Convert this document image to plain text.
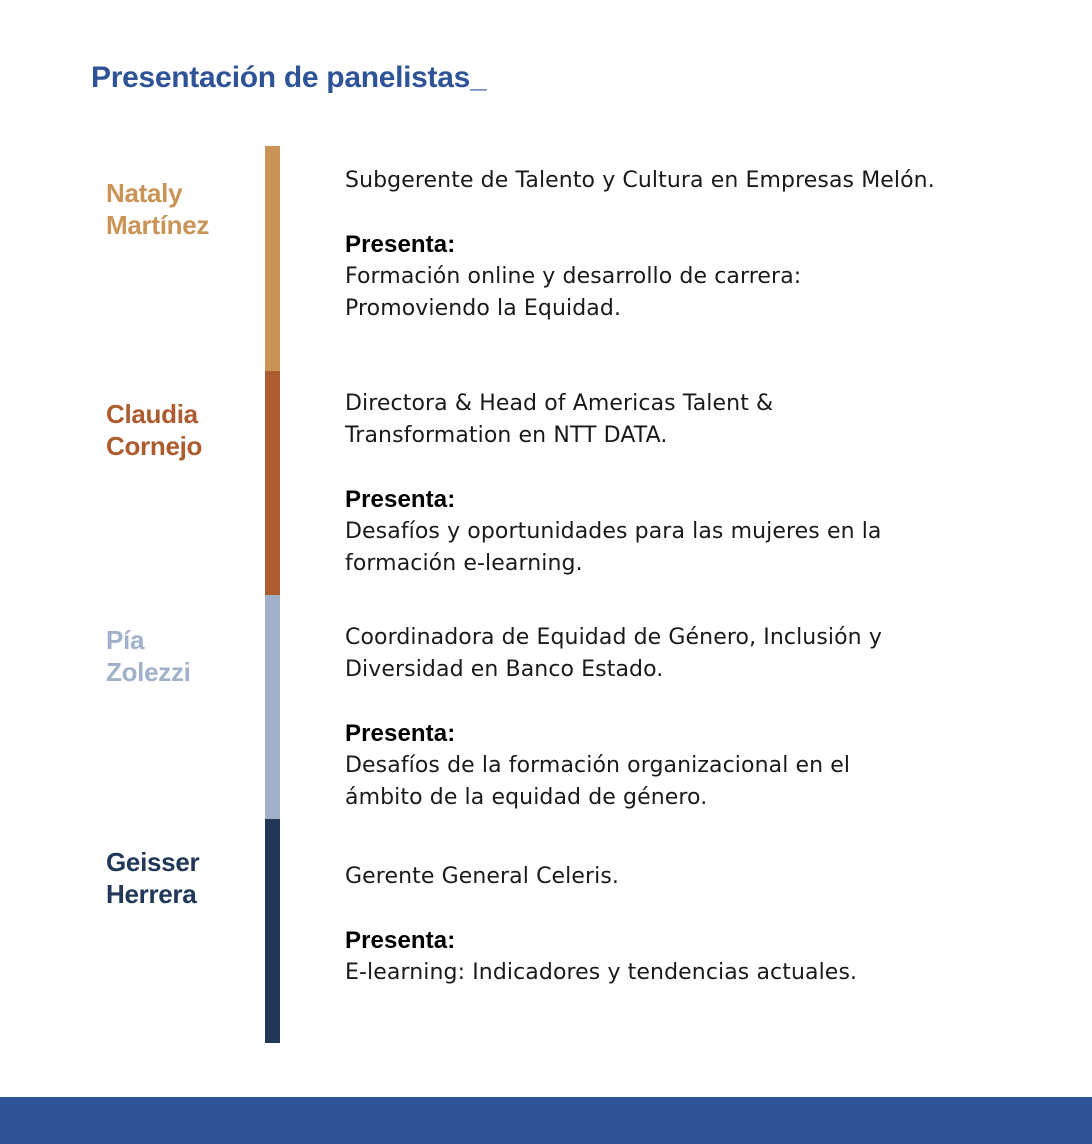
Presentación de panelistas_
Nataly
Martínez
Subgerente de Talento y Cultura en Empresas Melón.
Presenta:
Formación online y desarrollo de carrera:
Promoviendo la Equidad.
Claudia
Cornejo
Directora & Head of Americas Talent &
Transformation en NTT DATA.
Presenta:
Desafíos y oportunidades para las mujeres en la
formación e-learning.
Pía
Zolezzi
Coordinadora de Equidad de Género, Inclusión y
Diversidad en Banco Estado.
Presenta:
Desafíos de la formación organizacional en el
ámbito de la equidad de género.
Geisser
Herrera
Gerente General Celeris.
Presenta:
E-learning: Indicadores y tendencias actuales.
